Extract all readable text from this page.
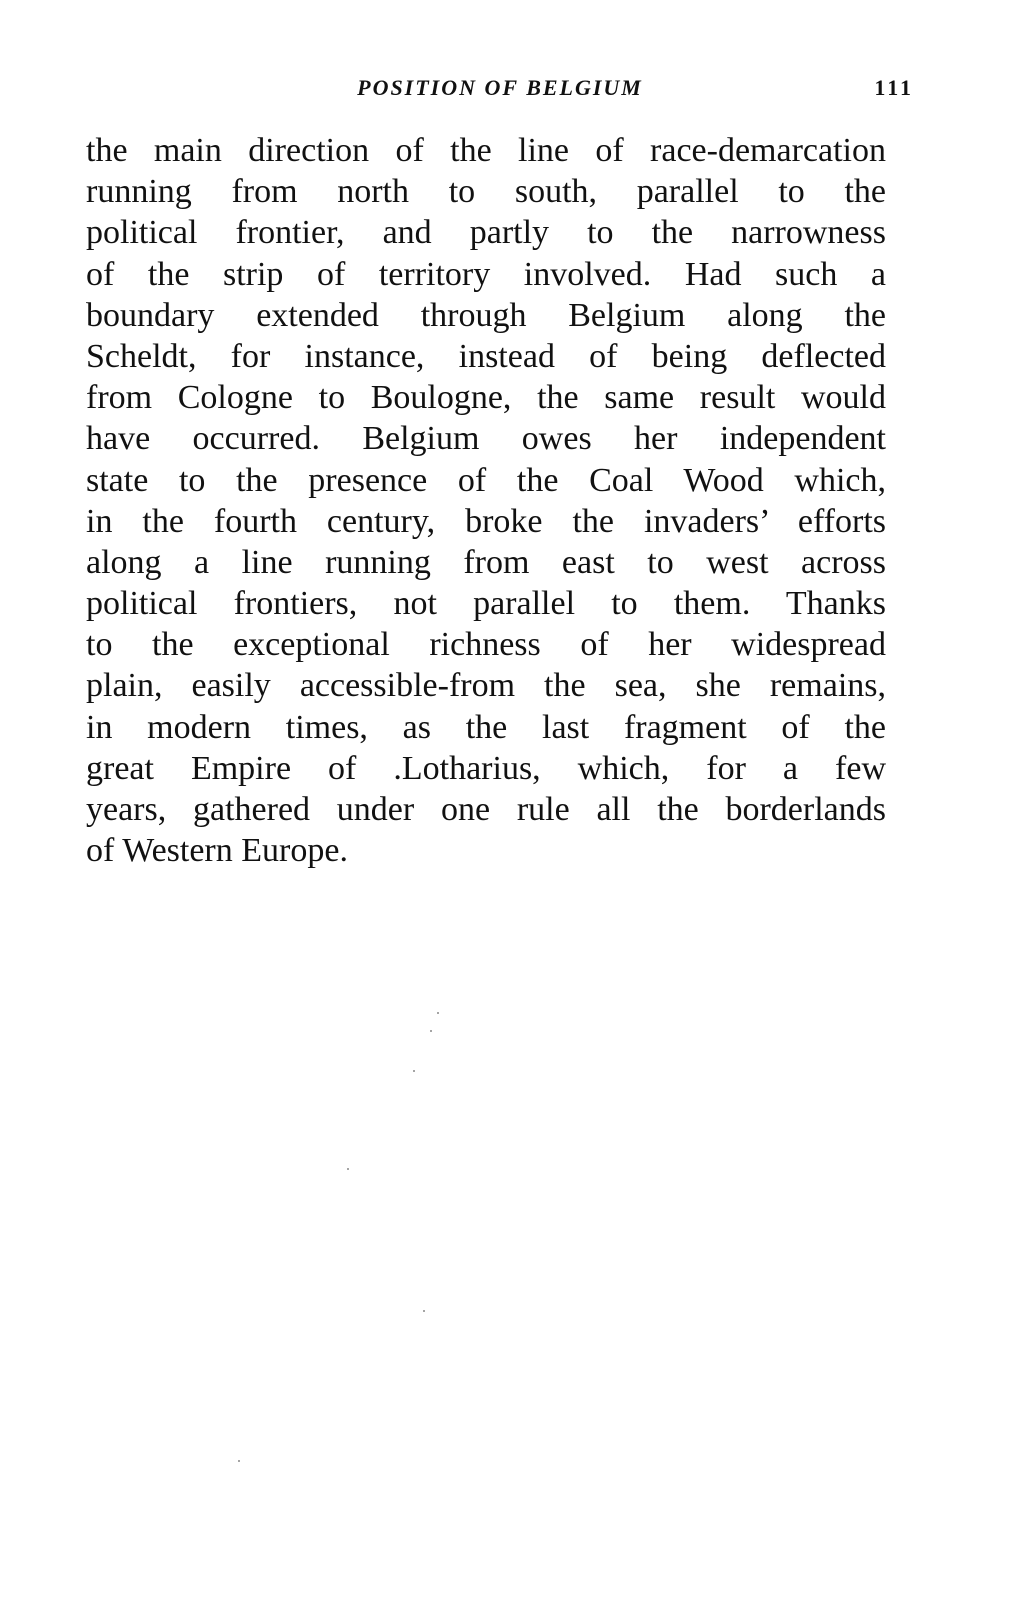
POSITION OF BELGIUM	111
the main direction of the line of race-demarcation
running from north to south, parallel to the
political frontier, and partly to the narrowness
of the strip of territory involved. Had such a
boundary extended through Belgium along the
Scheldt, for instance, instead of being deflected
from Cologne to Boulogne, the same result would
have occurred. Belgium owes her independent
state to the presence of the Coal Wood which,
in the fourth century, broke the invaders’ efforts
along a line running from east to west across
political frontiers, not parallel to them. Thanks
to the exceptional richness of her widespread
plain, easily accessible-from the sea, she remains,
in modern times, as the last fragment of the
great Empire of .Lotharius, which, for a few
years, gathered under one rule all the borderlands
of Western Europe.
